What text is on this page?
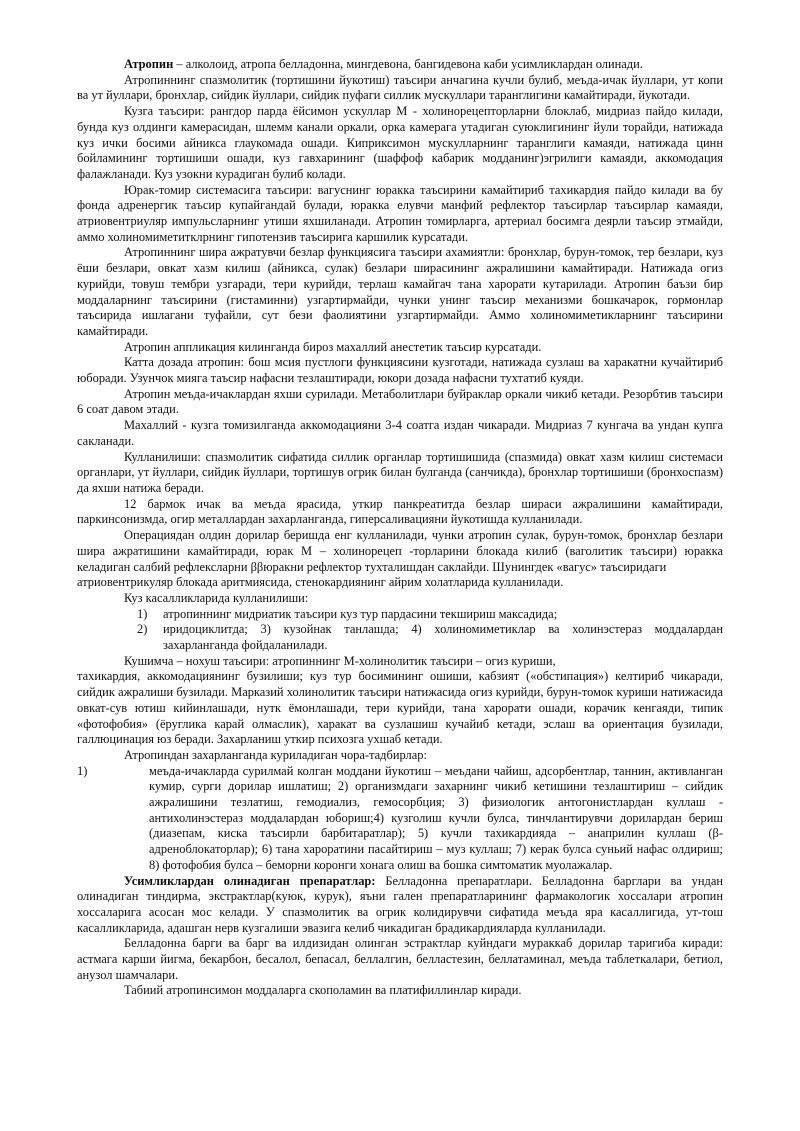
Атропин – алколоид, атропа белладонна, мингдевона, бангидевона каби усимликлардан олинади.

Атропиннинг спазмолитик (тортишини йукотиш) таъсири анчагина кучли булиб, меъда-ичак йуллари, ут копи ва ут йуллари, бронхлар, сийдик йуллари, сийдик пуфаги силлик мускуллари таранглигини камайтиради, йукотади.

Кузга таъсири: рангдор парда ёйсимон ускуллар М - холинорецепторларни блоклаб, мидриаз пайдо килади, бунда куз олдинги камерасидан, шлемм канали оркали, орка камерага утадиган суюклигининг йули торайди, натижада куз ички босими айникса глаукомада ошади. Киприксимон мускулларнинг таранглиги камаяди, натижада цинн бойламининг тортишиши ошади, куз гавхарининг (шаффоф кабарик модданинг)эгрилиги камаяди, аккомодация фалажланади. Куз узокни курадиган булиб колади.

Юрак-томир системасига таъсири: вагуснинг юракка таъсирини камайтириб тахикардия пайдо килади ва бу фонда адренергик таъсир купайгандай булади, юракка елувчи манфий рефлектор таъсирлар таъсирлар камаяди, атриовентриуляр импульсларнинг утиши яхшиланади. Атропин томирларга, артериал босимга деярли таъсир этмайди, аммо холиномиметитклрнинг гипотензив таъсирига каршилик курсатади.

Атропиннинг шира ажратувчи безлар функциясига таъсири ахамиятли: бронхлар, бурун-томок, тер безлари, куз ёши безлари, овкат хазм килиш (айникса, сулак) безлари ширасининг ажралишини камайтиради. Натижада огиз курийди, товуш тембри узгаради, тери курийди, терлаш камайгач тана харорати кутарилади. Атропин баъзи бир моддаларнинг таъсирини (гистаминни) узгартирмайди, чунки унинг таъсир механизми бошкачарок, гормонлар таъсирида ишлагани туфайли, сут бези фаолиятини узгартирмайди. Аммо холиномиметикларнинг таъсирини камайтиради.

Атропин аппликация килинганда бироз махаллий анестетик таъсир курсатади.

Катта дозада атропин: бош мсия пустлоги функциясини кузготади, натижада сузлаш ва харакатни кучайтириб юборади. Узунчок мияга таъсир нафасни тезлаштиради, юкори дозада нафасни тухтатиб куяди.

Атропин меъда-ичаклардан яхши сурилади. Метаболитлари буйраклар оркали чикиб кетади. Резорбтив таъсири 6 соат давом этади.

Махаллий - кузга томизилганда аккомодацияни 3-4 соатга издан чикаради. Мидриаз 7 кунгача ва ундан купга сакланади.

Кулланилиши: спазмолитик сифатида силлик органлар тортишишида (спазмида) овкат хазм килиш системаси органлари, ут йуллари, сийдик йуллари, тортишув огрик билан булганда (санчикда), бронхлар тортишиши (бронхоспазм) да яхши натижа беради.

12 бармок ичак ва меъда ярасида, уткир панкреатитда безлар шираси ажралишини камайтиради, паркинсонизмда, огир металлардан захарланганда, гиперсаливацияни йукотишда кулланилади.

Операциядан олдин дорилар беришда енг кулланилади, чунки атропин сулак, бурун-томок, бронхлар безлари шира ажратишини камайтиради, юрак М – холинорецеп -торларини блокада килиб (ваголитик таъсири) юракка келадиган салбий рефлексларни ββюракни рефлектор тухталишдан саклайди. Шунингдек «вагус» таъсиридаги

атриовентрикуляр блокада аритмиясида, стенокардиянинг айрим холатларида кулланилади.

Куз касалликларида кулланилиши:

1)	атропиннинг мидриатик таъсири куз тур пардасини текшириш максадида;
2)	иридоциклитда; 3) кузойнак танлашда; 4) холиномиметиклар ва холинэстераз моддалардан захарланганда фойдаланилади.

Кушимча – нохуш таъсири: атропиннинг М-холинолитик таъсири – огиз куриши,

тахикардия, аккомодациянинг бузилиши; куз тур босимининг ошиши, кабзият («обстипация») келтириб чикаради, сийдик ажралиши бузилади. Марказий холинолитик таъсири натижасида огиз курийди, бурун-томок куриши натижасида овкат-сув ютиш кийинлашади, нутк ёмонлашади, тери курийди, тана харорати ошади, корачик кенгаяди, типик «фотофобия» (ёруглика карай олмаслик), харакат ва сузлашиш кучайиб кетади, эслаш ва ориентация бузилади, галлюцинация юз беради. Захарланиш уткир психозга ухшаб кетади.

Атропиндан захарланганда куриладиган чора-тадбирлар:

1)	меъда-ичакларда сурилмай колган моддани йукотиш – меъдани чайиш, адсорбентлар, таннин, активланган кумир, сурги дорилар ишлатиш; 2) организмдаги захарнинг чикиб кетишини тезлаштириш – сийдик ажралишини тезлатиш, гемодиализ, гемосорбция; 3) физиологик антогонистлардан куллаш - антихолинэстераз моддалардан юбориш;4) кузголиш кучли булса, тинчлантирувчи дорилардан бериш (диазепам, киска таъсирли барбитаратлар); 5) кучли тахикардияда – анаприлин куллаш (β-адреноблокаторлар); 6) тана хароратини пасайтириш – муз куллаш; 7) керак булса суньий нафас олдириш; 8) фотофобия булса – беморни коронги хонага олиш ва бошка симтоматик муолажалар.

Усимликлардан олинадиган препаратлар: Белладонна препаратлари. Белладонна барглари ва ундан олинадиган тиндирма, экстрактлар(куюк, курук), яъни гален препаратларининг фармакологик хоссалари атропин хоссаларига асосан мос келади. У спазмолитик ва огрик колидирувчи сифатида меъда яра касаллигида, ут-тош касалликларида, адашган нерв кузгалиши эвазига келиб чикадиган брадикардияларда кулланилади.

Белладонна барги ва барг ва илдизидан олинган эстрактлар куйндаги мураккаб дорилар таригиба киради: астмага карши йигма, бекарбон, бесалол, бепасал, беллалгин, белластезин, беллатаминал, меъда таблеткалари, бетиол, анузол шамчалари.

Табиий атропинсимон моддаларга скополамин ва платифиллинлар киради.
